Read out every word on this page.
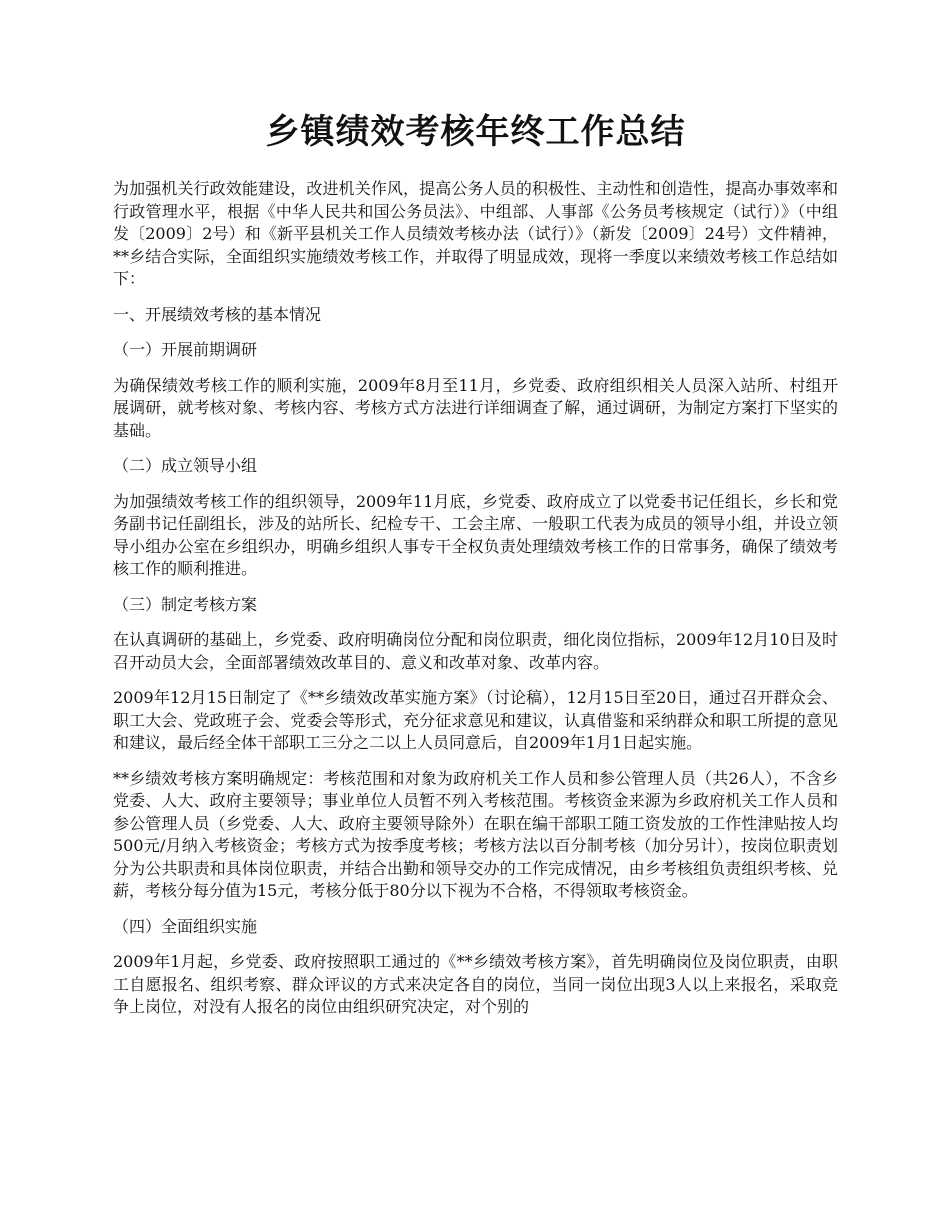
乡镇绩效考核年终工作总结

为加强机关行政效能建设，改进机关作风，提高公务人员的积极性、主动性和创造性，提高办事效率和行政管理水平，根据《中华人民共和国公务员法》、中组部、人事部《公务员考核规定（试行）》（中组发〔2009〕2号）和《新平县机关工作人员绩效考核办法（试行）》（新发〔2009〕24号）文件精神，**乡结合实际，全面组织实施绩效考核工作，并取得了明显成效，现将一季度以来绩效考核工作总结如下：

一、开展绩效考核的基本情况

（一）开展前期调研

为确保绩效考核工作的顺利实施，2009年8月至11月，乡党委、政府组织相关人员深入站所、村组开展调研，就考核对象、考核内容、考核方式方法进行详细调查了解，通过调研，为制定方案打下坚实的基础。

（二）成立领导小组

为加强绩效考核工作的组织领导，2009年11月底，乡党委、政府成立了以党委书记任组长，乡长和党务副书记任副组长，涉及的站所长、纪检专干、工会主席、一般职工代表为成员的领导小组，并设立领导小组办公室在乡组织办，明确乡组织人事专干全权负责处理绩效考核工作的日常事务，确保了绩效考核工作的顺利推进。

（三）制定考核方案

在认真调研的基础上，乡党委、政府明确岗位分配和岗位职责，细化岗位指标，2009年12月10日及时召开动员大会，全面部署绩效改革目的、意义和改革对象、改革内容。

2009年12月15日制定了《**乡绩效改革实施方案》（讨论稿），12月15日至20日，通过召开群众会、职工大会、党政班子会、党委会等形式，充分征求意见和建议，认真借鉴和采纳群众和职工所提的意见和建议，最后经全体干部职工三分之二以上人员同意后，自2009年1月1日起实施。

**乡绩效考核方案明确规定：考核范围和对象为政府机关工作人员和参公管理人员（共26人），不含乡党委、人大、政府主要领导；事业单位人员暂不列入考核范围。考核资金来源为乡政府机关工作人员和参公管理人员（乡党委、人大、政府主要领导除外）在职在编干部职工随工资发放的工作性津贴按人均500元/月纳入考核资金；考核方式为按季度考核；考核方法以百分制考核（加分另计），按岗位职责划分为公共职责和具体岗位职责，并结合出勤和领导交办的工作完成情况，由乡考核组负责组织考核、兑薪，考核分每分值为15元，考核分低于80分以下视为不合格，不得领取考核资金。

（四）全面组织实施

2009年1月起，乡党委、政府按照职工通过的《**乡绩效考核方案》，首先明确岗位及岗位职责，由职工自愿报名、组织考察、群众评议的方式来决定各自的岗位，当同一岗位出现3人以上来报名，采取竞争上岗位，对没有人报名的岗位由组织研究决定，对个别的
